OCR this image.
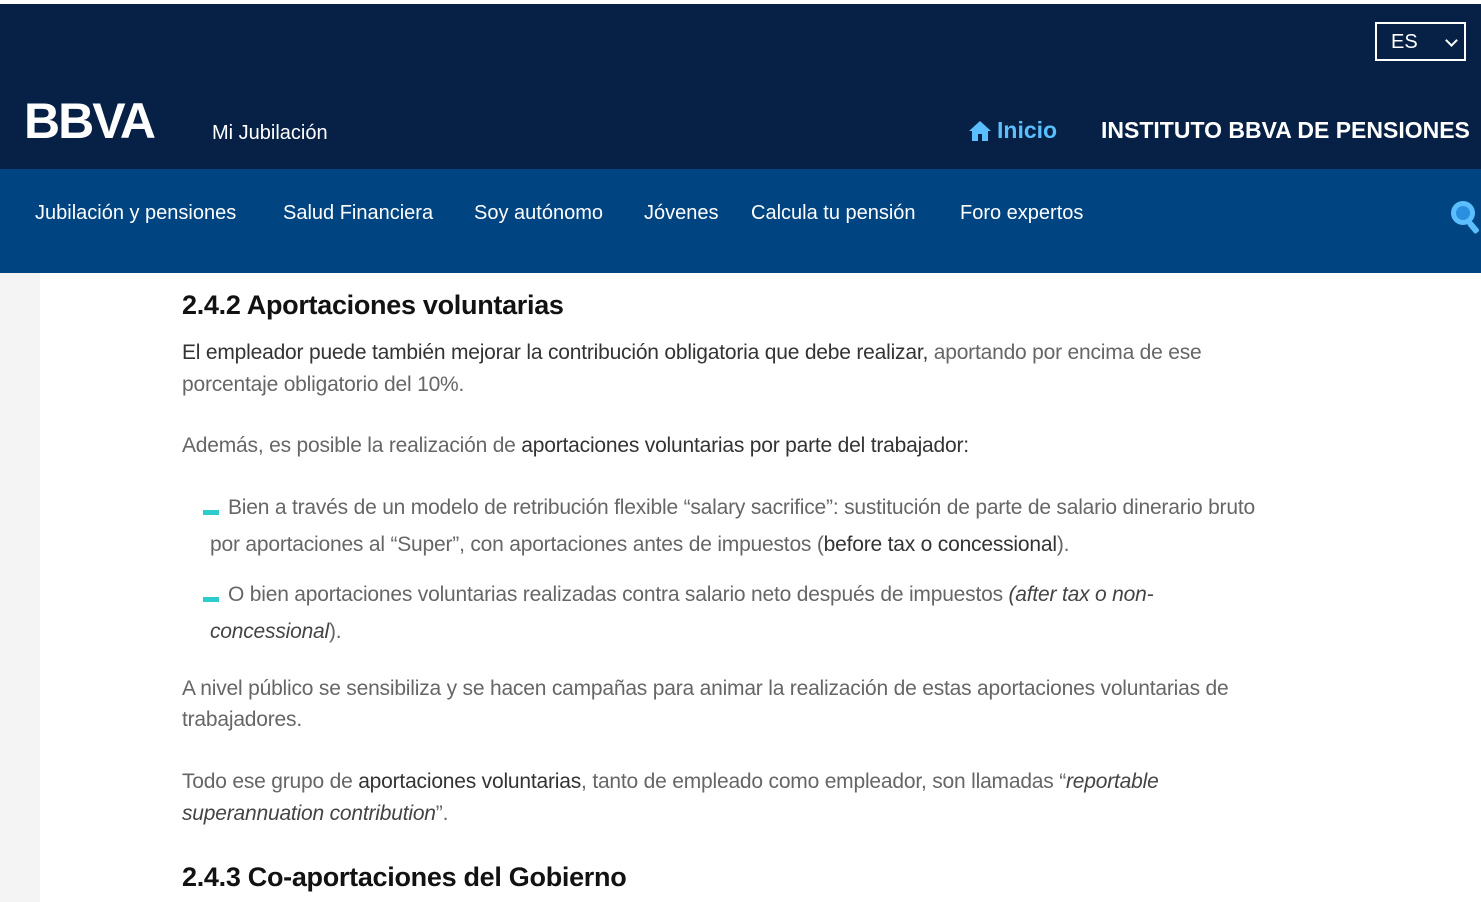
ES
BBVA	Mi Jubilación	Inicio INSTITUTO BBVA DE PENSIONES
Jubilación y pensiones Salud Financiera Soy autónomo Jóvenes Calcula tu pensión Foro expertos
2.4.2 Aportaciones voluntarias
El empleador puede también mejorar la contribución obligatoria que debe realizar, aportando por encima de ese
porcentaje obligatorio del 10%.
Además, es posible la realización de aportaciones voluntarias por parte del trabajador:
Bien a través de un modelo de retribución flexible “salary sacrifice”: sustitución de parte de salario dinerario bruto
por aportaciones al “Super”, con aportaciones antes de impuestos (before tax o concessional).
O bien aportaciones voluntarias realizadas contra salario neto después de impuestos (after tax o non-
concessional).
A nivel público se sensibiliza y se hacen campañas para animar la realización de estas aportaciones voluntarias de
trabajadores.
Todo ese grupo de aportaciones voluntarias, tanto de empleado como empleador, son llamadas “reportable
superannuation contribution”.
2.4.3 Co-aportaciones del Gobierno
